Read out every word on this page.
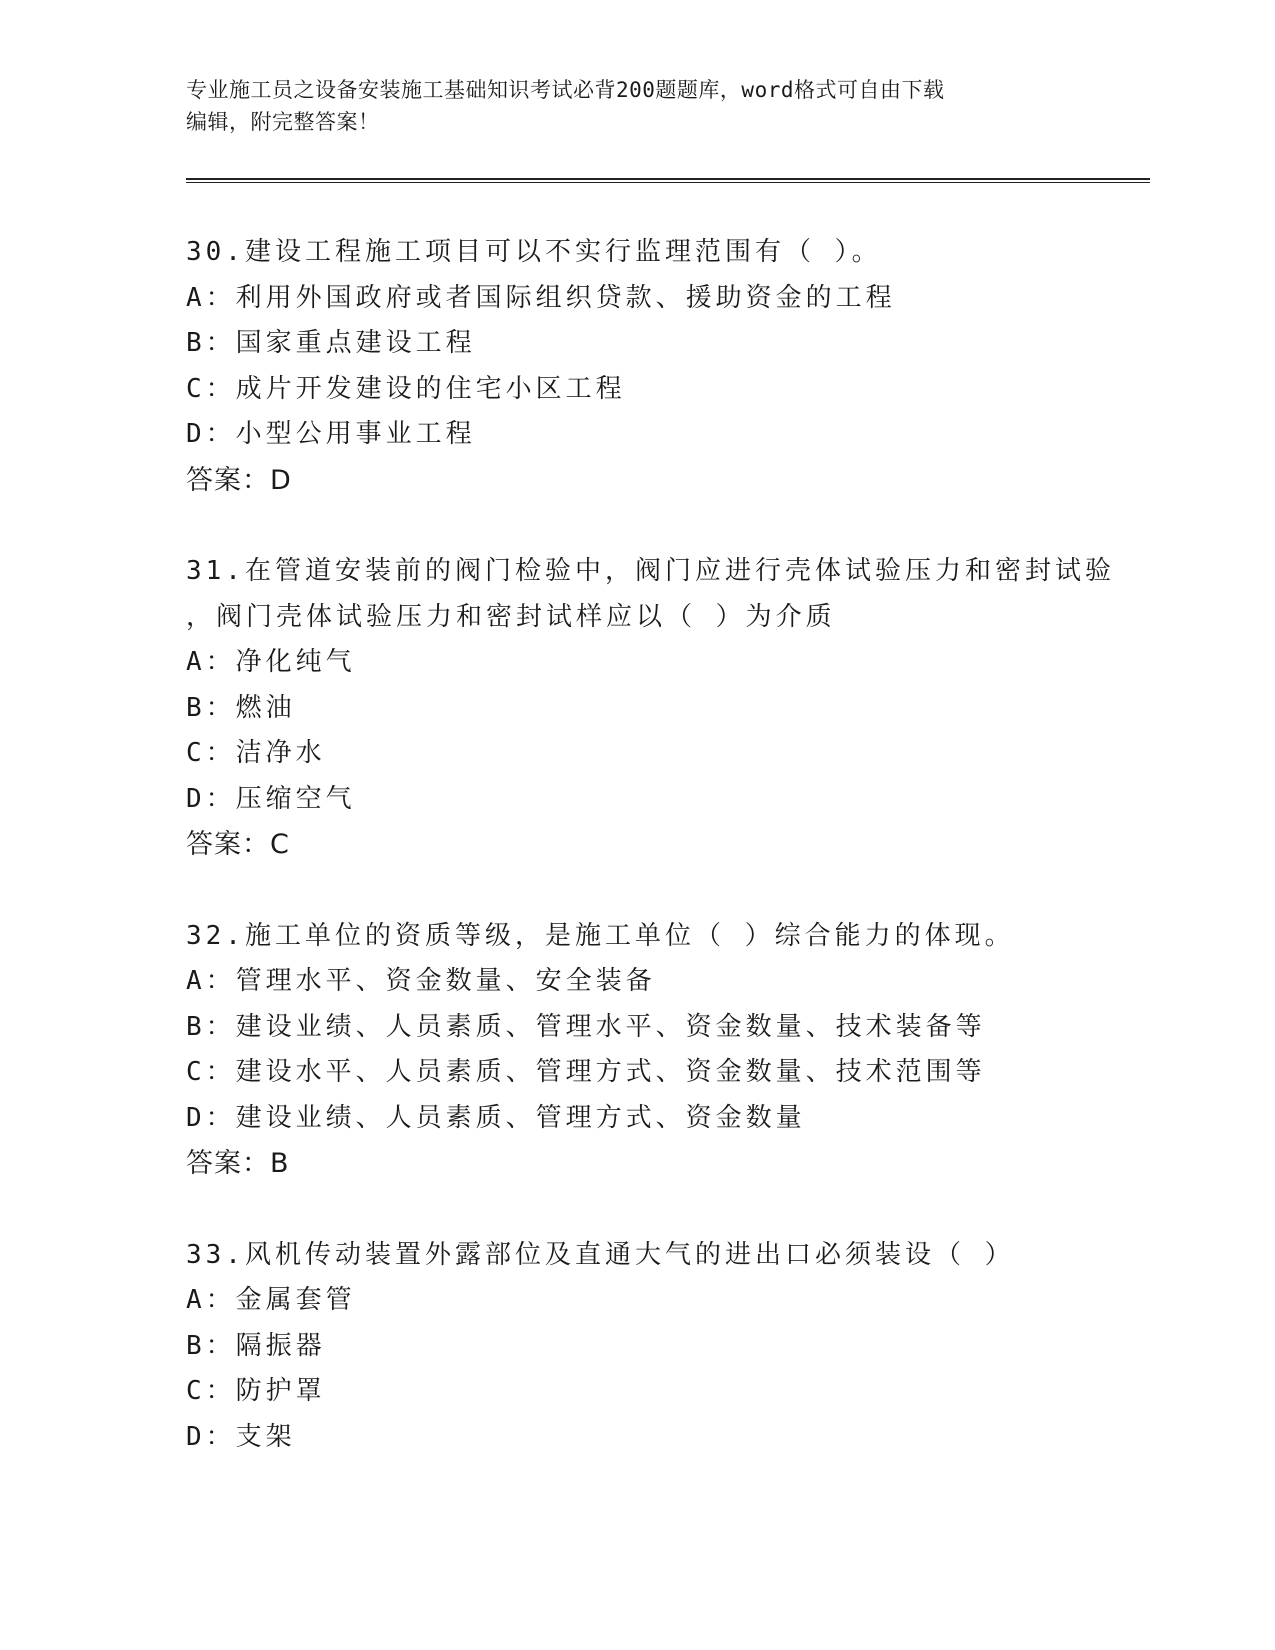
专业施工员之设备安装施工基础知识考试必背200题题库，word格式可自由下载
编辑，附完整答案！
30.建设工程施工项目可以不实行监理范围有（ ）。
A：利用外国政府或者国际组织贷款、援助资金的工程
B：国家重点建设工程
C：成片开发建设的住宅小区工程
D：小型公用事业工程
答案：D
31.在管道安装前的阀门检验中，阀门应进行壳体试验压力和密封试验
，阀门壳体试验压力和密封试样应以（ ）为介质
A：净化纯气
B：燃油
C：洁净水
D：压缩空气
答案：C
32.施工单位的资质等级，是施工单位（ ）综合能力的体现。
A：管理水平、资金数量、安全装备
B：建设业绩、人员素质、管理水平、资金数量、技术装备等
C：建设水平、人员素质、管理方式、资金数量、技术范围等
D：建设业绩、人员素质、管理方式、资金数量
答案：B
33.风机传动装置外露部位及直通大气的进出口必须装设（ ）
A：金属套管
B：隔振器
C：防护罩
D：支架
